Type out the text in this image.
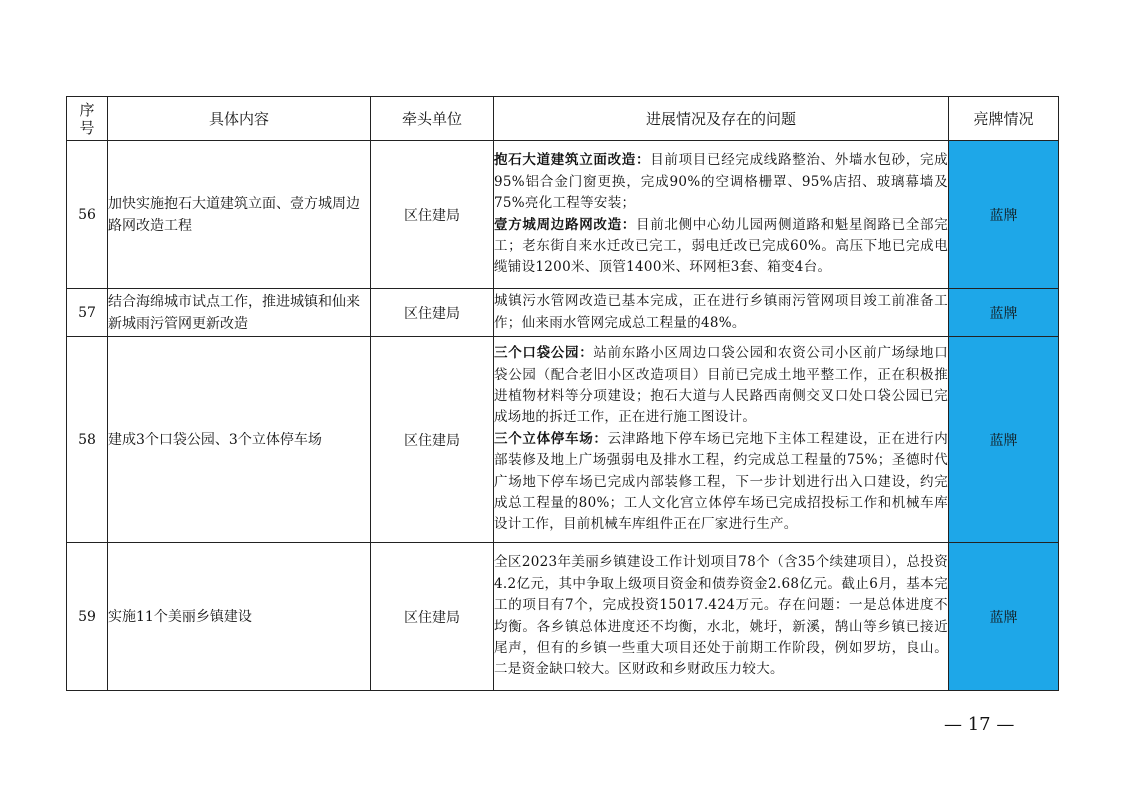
序号	具体内容	牵头单位	进展情况及存在的问题	亮牌情况
56	加快实施抱石大道建筑立面、壹方城周边路网改造工程	区住建局	抱石大道建筑立面改造：目前项目已经完成线路整治、外墙水包砂，完成95%铝合金门窗更换，完成90%的空调格栅罩、95%店招、玻璃幕墙及75%亮化工程等安装；
壹方城周边路网改造：目前北侧中心幼儿园两侧道路和魁星阁路已全部完工；老东街自来水迁改已完工，弱电迁改已完成60%。高压下地已完成电缆铺设1200米、顶管1400米、环网柜3套、箱变4台。	蓝牌
57	结合海绵城市试点工作，推进城镇和仙来新城雨污管网更新改造	区住建局	城镇污水管网改造已基本完成，正在进行乡镇雨污管网项目竣工前准备工作；仙来雨水管网完成总工程量的48%。	蓝牌
58	建成3个口袋公园、3个立体停车场	区住建局	三个口袋公园：站前东路小区周边口袋公园和农资公司小区前广场绿地口袋公园（配合老旧小区改造项目）目前已完成土地平整工作，正在积极推进植物材料等分项建设；抱石大道与人民路西南侧交叉口处口袋公园已完成场地的拆迁工作，正在进行施工图设计。
三个立体停车场：云津路地下停车场已完地下主体工程建设，正在进行内部装修及地上广场强弱电及排水工程，约完成总工程量的75%；圣德时代广场地下停车场已完成内部装修工程，下一步计划进行出入口建设，约完成总工程量的80%；工人文化宫立体停车场已完成招投标工作和机械车库设计工作，目前机械车库组件正在厂家进行生产。	蓝牌
59	实施11个美丽乡镇建设	区住建局	全区2023年美丽乡镇建设工作计划项目78个（含35个续建项目），总投资4.2亿元，其中争取上级项目资金和债券资金2.68亿元。截止6月，基本完工的项目有7个，完成投资15017.424万元。存在问题：一是总体进度不均衡。各乡镇总体进度还不均衡，水北，姚圩，新溪，鹄山等乡镇已接近尾声，但有的乡镇一些重大项目还处于前期工作阶段，例如罗坊，良山。二是资金缺口较大。区财政和乡财政压力较大。	蓝牌
— 17 —
